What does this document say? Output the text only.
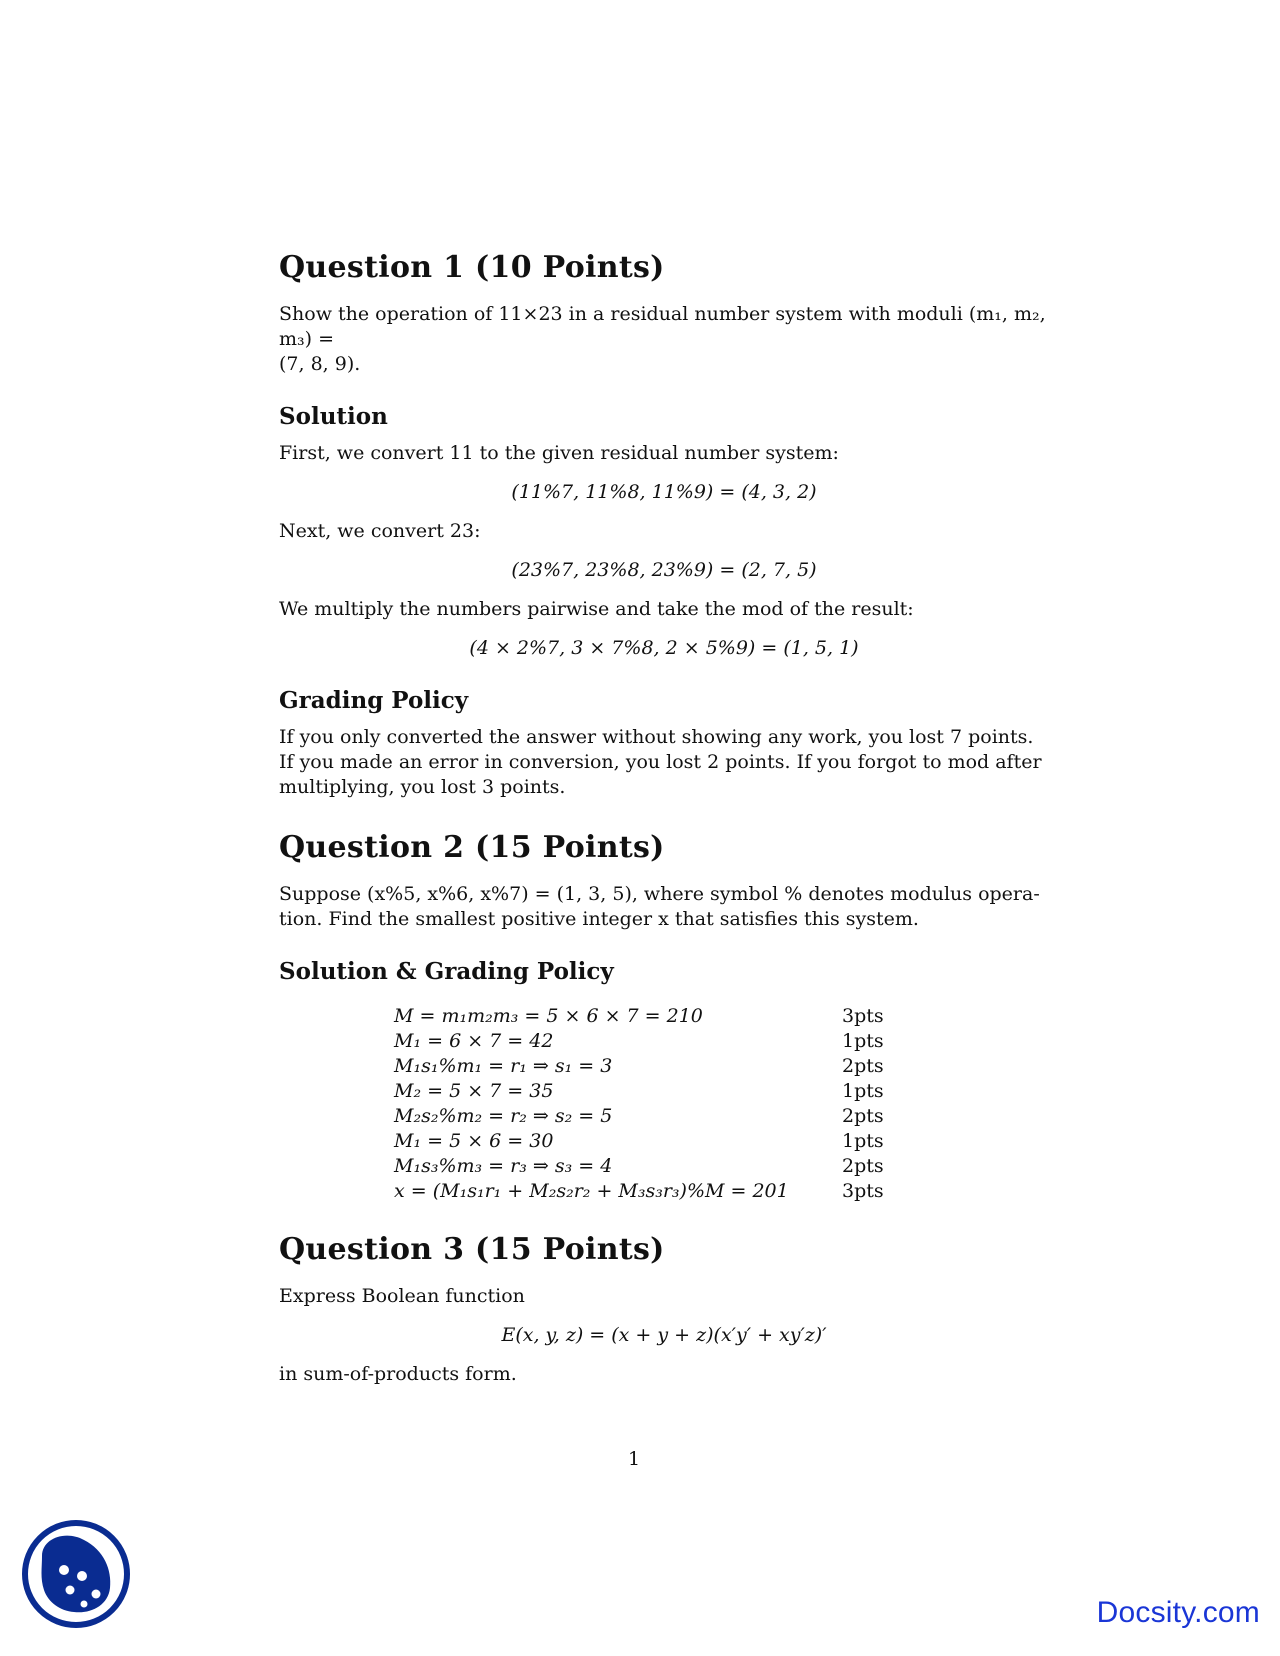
Question 1 (10 Points)

Show the operation of 11×23 in a residual number system with moduli (m₁, m₂, m₃) =

(7, 8, 9).

Solution

First, we convert 11 to the given residual number system:

(11%7, 11%8, 11%9) = (4, 3, 2)

Next, we convert 23:

(23%7, 23%8, 23%9) = (2, 7, 5)

We multiply the numbers pairwise and take the mod of the result:

(4 × 2%7, 3 × 7%8, 2 × 5%9) = (1, 5, 1)

Grading Policy

If you only converted the answer without showing any work, you lost 7 points.

If you made an error in conversion, you lost 2 points. If you forgot to mod after

multiplying, you lost 3 points.

Question 2 (15 Points)

Suppose (x%5, x%6, x%7) = (1, 3, 5), where symbol % denotes modulus opera-

tion. Find the smallest positive integer x that satisfies this system.

Solution & Grading Policy
M = m₁m₂m₃ = 5 × 6 × 7 = 210	3pts
M₁ = 6 × 7 = 42	1pts
M₁s₁%m₁ = r₁ ⇒ s₁ = 3	2pts
M₂ = 5 × 7 = 35	1pts
M₂s₂%m₂ = r₂ ⇒ s₂ = 5	2pts
M₁ = 5 × 6 = 30	1pts
M₁s₃%m₃ = r₃ ⇒ s₃ = 4	2pts
x = (M₁s₁r₁ + M₂s₂r₂ + M₃s₃r₃)%M = 201	3pts
Question 3 (15 Points)

Express Boolean function

E(x, y, z) = (x + y + z)(x′y′ + xy′z)′

in sum-of-products form.

1
Docsity.com
